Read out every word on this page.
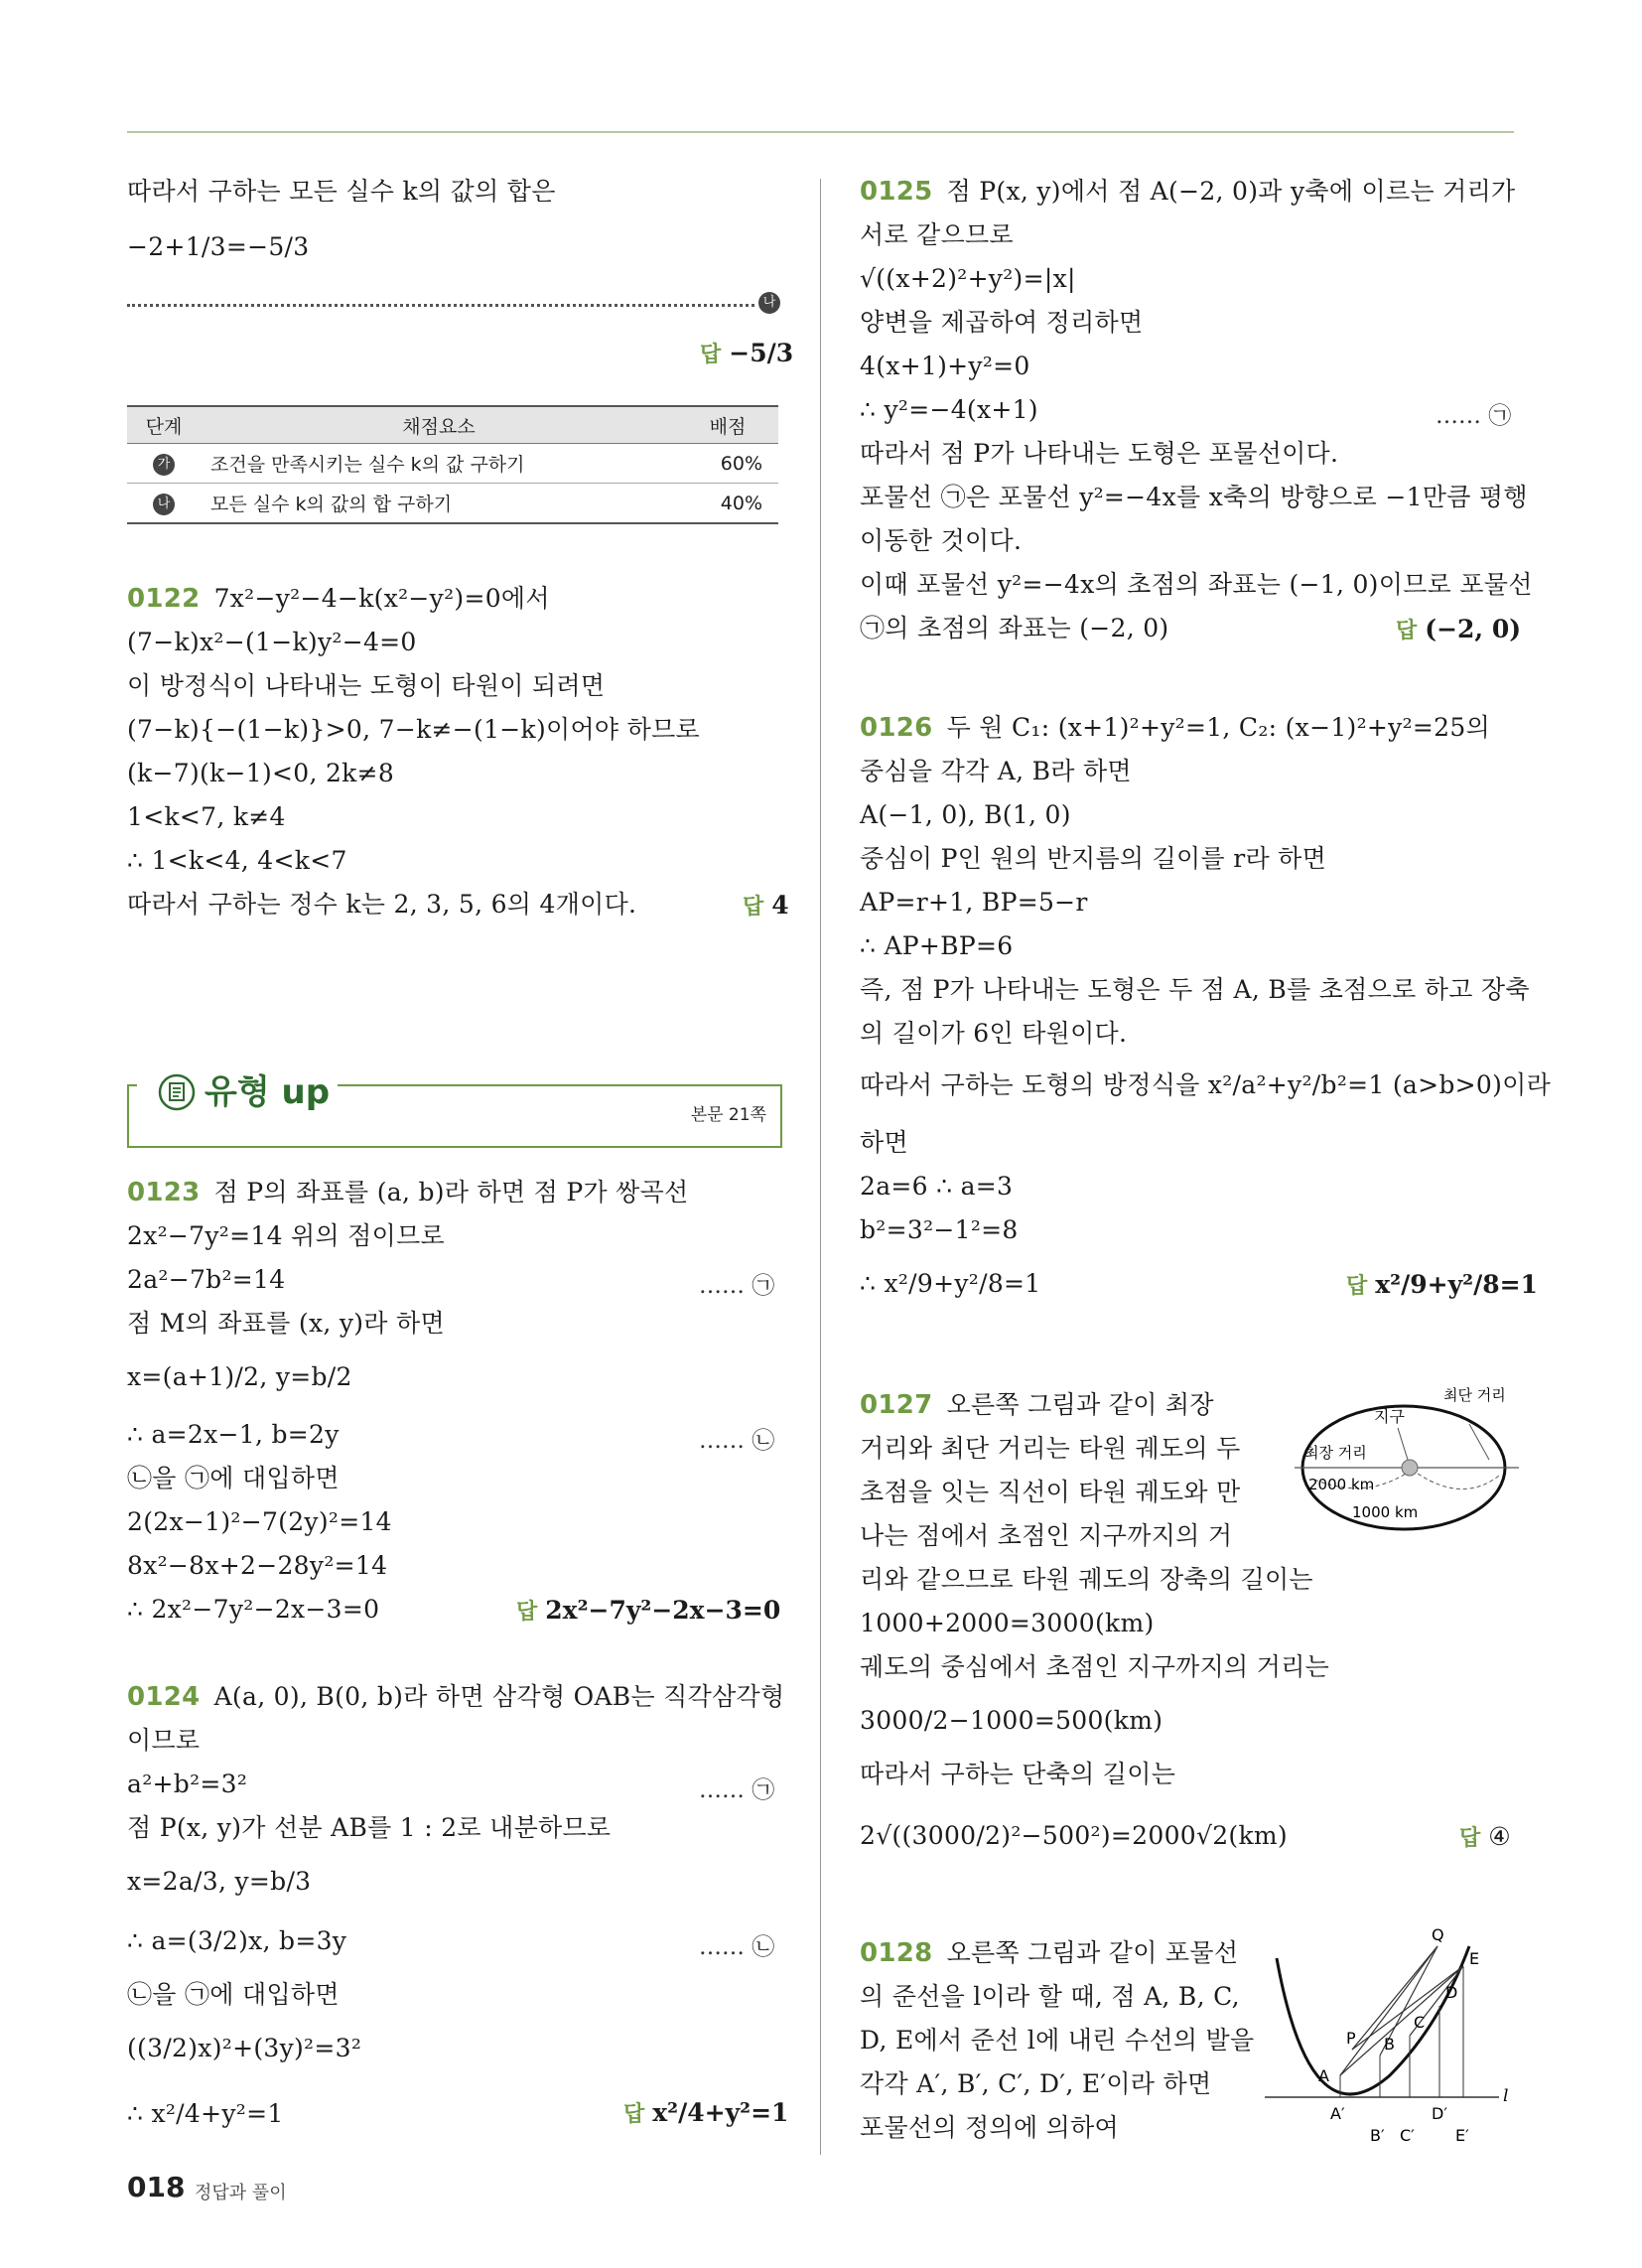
따라서 구하는 모든 실수 k의 값의 합은
−2+1/3=−5/3
나
답 −5/3
단계	채점요소	배점
가	조건을 만족시키는 실수 k의 값 구하기	60%
나	모든 실수 k의 값의 합 구하기	40%
0122 7x²−y²−4−k(x²−y²)=0에서
(7−k)x²−(1−k)y²−4=0
이 방정식이 나타내는 도형이 타원이 되려면
(7−k){−(1−k)}>0, 7−k≠−(1−k)이어야 하므로
(k−7)(k−1)<0, 2k≠8
1<k<7, k≠4
∴ 1<k<4, 4<k<7
따라서 구하는 정수 k는 2, 3, 5, 6의 4개이다.	답 4
유형 up
본문 21쪽
0123 점 P의 좌표를 (a, b)라 하면 점 P가 쌍곡선
2x²−7y²=14 위의 점이므로
2a²−7b²=14	…… ㉠
점 M의 좌표를 (x, y)라 하면
x=(a+1)/2, y=b/2
∴ a=2x−1, b=2y	…… ㉡
㉡을 ㉠에 대입하면
2(2x−1)²−7(2y)²=14
8x²−8x+2−28y²=14
∴ 2x²−7y²−2x−3=0	답 2x²−7y²−2x−3=0
0124 A(a, 0), B(0, b)라 하면 삼각형 OAB는 직각삼각형
이므로
a²+b²=3²	…… ㉠
점 P(x, y)가 선분 AB를 1 : 2로 내분하므로
x=2a/3, y=b/3
∴ a=(3/2)x, b=3y	…… ㉡
㉡을 ㉠에 대입하면
((3/2)x)²+(3y)²=3²
∴ x²/4+y²=1	답 x²/4+y²=1
0125 점 P(x, y)에서 점 A(−2, 0)과 y축에 이르는 거리가
서로 같으므로
√((x+2)²+y²)=|x|
양변을 제곱하여 정리하면
4(x+1)+y²=0
∴ y²=−4(x+1)	…… ㉠
따라서 점 P가 나타내는 도형은 포물선이다.
포물선 ㉠은 포물선 y²=−4x를 x축의 방향으로 −1만큼 평행
이동한 것이다.
이때 포물선 y²=−4x의 초점의 좌표는 (−1, 0)이므로 포물선
㉠의 초점의 좌표는 (−2, 0)	답 (−2, 0)
0126 두 원 C₁: (x+1)²+y²=1, C₂: (x−1)²+y²=25의
중심을 각각 A, B라 하면
A(−1, 0), B(1, 0)
중심이 P인 원의 반지름의 길이를 r라 하면
AP=r+1, BP=5−r
∴ AP+BP=6
즉, 점 P가 나타내는 도형은 두 점 A, B를 초점으로 하고 장축
의 길이가 6인 타원이다.
따라서 구하는 도형의 방정식을 x²/a²+y²/b²=1 (a>b>0)이라
하면
2a=6 ∴ a=3
b²=3²−1²=8
∴ x²/9+y²/8=1	답 x²/9+y²/8=1
0127 오른쪽 그림과 같이 최장
거리와 최단 거리는 타원 궤도의 두
초점을 잇는 직선이 타원 궤도와 만
나는 점에서 초점인 지구까지의 거
리와 같으므로 타원 궤도의 장축의 길이는
1000+2000=3000(km)
궤도의 중심에서 초점인 지구까지의 거리는
3000/2−1000=500(km)
따라서 구하는 단축의 길이는
2√((3000/2)²−500²)=2000√2(km)	답 ④
지구
최장 거리
최단 거리
2000 km
1000 km
0128 오른쪽 그림과 같이 포물선
의 준선을 l이라 할 때, 점 A, B, C,
D, E에서 준선 l에 내린 수선의 발을
각각 A′, B′, C′, D′, E′이라 하면
포물선의 정의에 의하여
Q
E
D
P
C
B
A
A′	D′
B′ C′	E′
l
018 정답과 풀이
